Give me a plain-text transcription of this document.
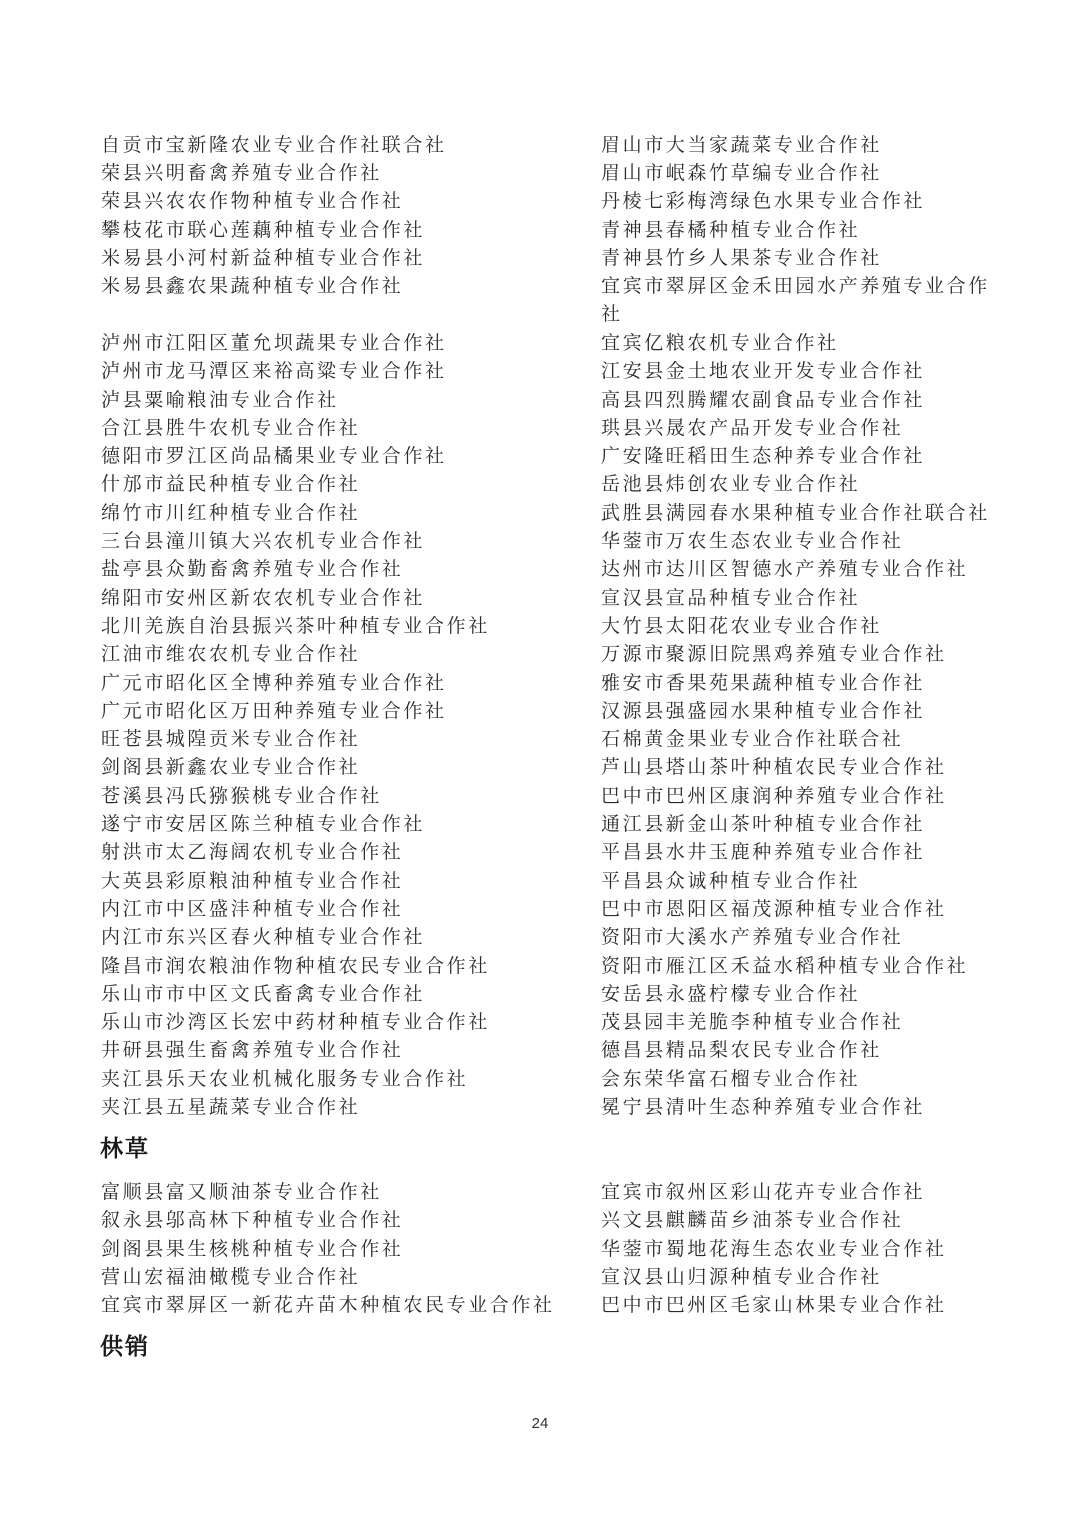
自贡市宝新隆农业专业合作社联合社
荣县兴明畜禽养殖专业合作社
荣县兴农农作物种植专业合作社
攀枝花市联心莲藕种植专业合作社
米易县小河村新益种植专业合作社
米易县鑫农果蔬种植专业合作社
泸州市江阳区董允坝蔬果专业合作社
泸州市龙马潭区来裕高粱专业合作社
泸县粟喻粮油专业合作社
合江县胜牛农机专业合作社
德阳市罗江区尚品橘果业专业合作社
什邡市益民种植专业合作社
绵竹市川红种植专业合作社
三台县潼川镇大兴农机专业合作社
盐亭县众勤畜禽养殖专业合作社
绵阳市安州区新农农机专业合作社
北川羌族自治县振兴茶叶种植专业合作社
江油市维农农机专业合作社
广元市昭化区全博种养殖专业合作社
广元市昭化区万田种养殖专业合作社
旺苍县城隍贡米专业合作社
剑阁县新鑫农业专业合作社
苍溪县冯氏猕猴桃专业合作社
遂宁市安居区陈兰种植专业合作社
射洪市太乙海阔农机专业合作社
大英县彩原粮油种植专业合作社
内江市中区盛沣种植专业合作社
内江市东兴区春火种植专业合作社
隆昌市润农粮油作物种植农民专业合作社
乐山市市中区文氏畜禽专业合作社
乐山市沙湾区长宏中药材种植专业合作社
井研县强生畜禽养殖专业合作社
夹江县乐天农业机械化服务专业合作社
夹江县五星蔬菜专业合作社
眉山市大当家蔬菜专业合作社
眉山市岷森竹草编专业合作社
丹棱七彩梅湾绿色水果专业合作社
青神县春橘种植专业合作社
青神县竹乡人果茶专业合作社
宜宾市翠屏区金禾田园水产养殖专业合作
社
宜宾亿粮农机专业合作社
江安县金土地农业开发专业合作社
高县四烈腾耀农副食品专业合作社
珙县兴晟农产品开发专业合作社
广安隆旺稻田生态种养专业合作社
岳池县炜创农业专业合作社
武胜县满园春水果种植专业合作社联合社
华蓥市万农生态农业专业合作社
达州市达川区智德水产养殖专业合作社
宣汉县宣品种植专业合作社
大竹县太阳花农业专业合作社
万源市聚源旧院黑鸡养殖专业合作社
雅安市香果苑果蔬种植专业合作社
汉源县强盛园水果种植专业合作社
石棉黄金果业专业合作社联合社
芦山县塔山茶叶种植农民专业合作社
巴中市巴州区康润种养殖专业合作社
通江县新金山茶叶种植专业合作社
平昌县水井玉鹿种养殖专业合作社
平昌县众诚种植专业合作社
巴中市恩阳区福茂源种植专业合作社
资阳市大溪水产养殖专业合作社
资阳市雁江区禾益水稻种植专业合作社
安岳县永盛柠檬专业合作社
茂县园丰羌脆李种植专业合作社
德昌县精品梨农民专业合作社
会东荣华富石榴专业合作社
冕宁县清叶生态种养殖专业合作社
林草
富顺县富又顺油茶专业合作社
叙永县邬高林下种植专业合作社
剑阁县果生核桃种植专业合作社
营山宏福油橄榄专业合作社
宜宾市翠屏区一新花卉苗木种植农民专业合作社
宜宾市叙州区彩山花卉专业合作社
兴文县麒麟苗乡油茶专业合作社
华蓥市蜀地花海生态农业专业合作社
宣汉县山归源种植专业合作社
巴中市巴州区毛家山林果专业合作社
供销
24
